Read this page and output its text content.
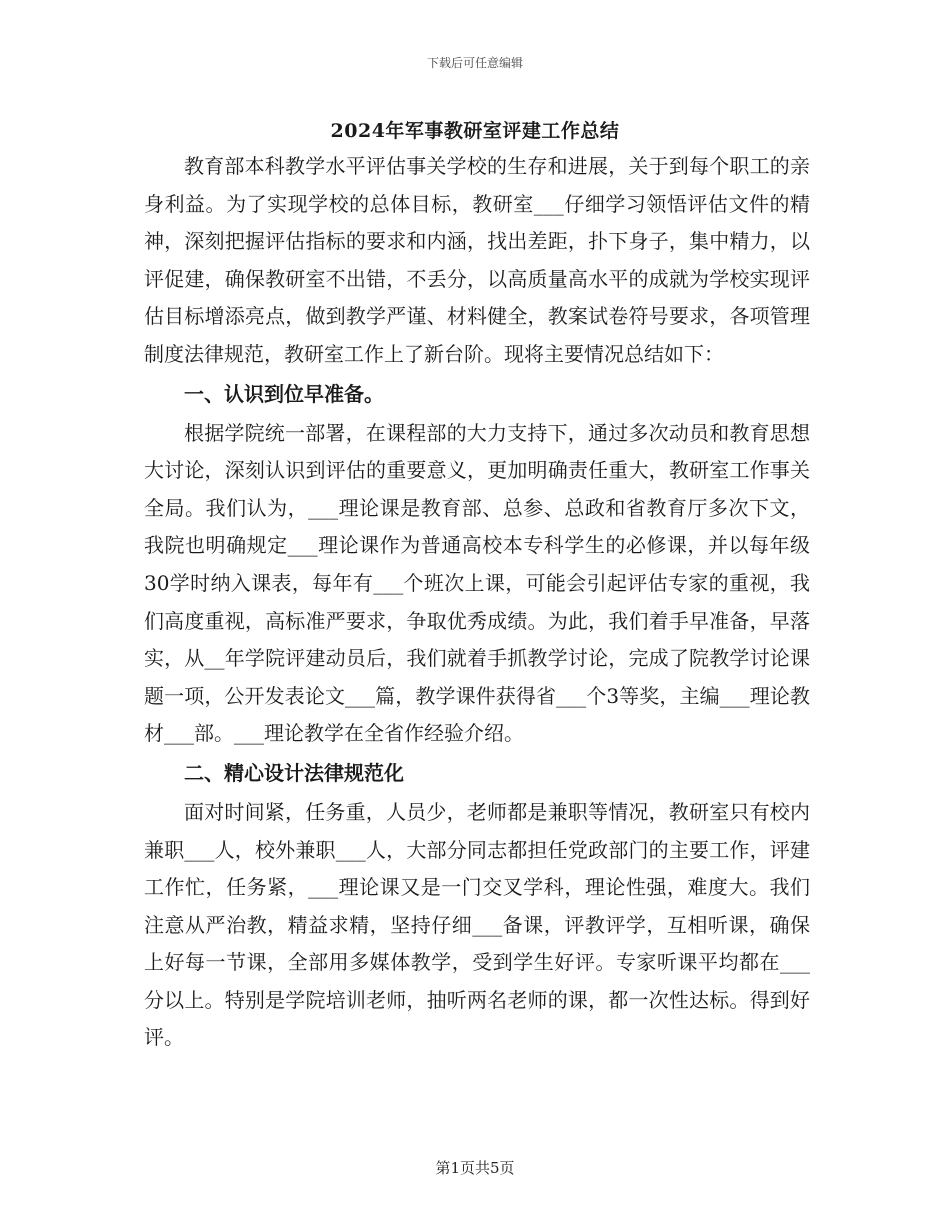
下载后可任意编辑
2024年军事教研室评建工作总结

教育部本科教学水平评估事关学校的生存和进展，关于到每个职工的亲身利益。为了实现学校的总体目标，教研室___仔细学习领悟评估文件的精神，深刻把握评估指标的要求和内涵，找出差距，扑下身子，集中精力，以评促建，确保教研室不出错，不丢分，以高质量高水平的成就为学校实现评估目标增添亮点，做到教学严谨、材料健全，教案试卷符号要求，各项管理制度法律规范，教研室工作上了新台阶。现将主要情况总结如下：

一、认识到位早准备。

根据学院统一部署，在课程部的大力支持下，通过多次动员和教育思想大讨论，深刻认识到评估的重要意义，更加明确责任重大，教研室工作事关全局。我们认为，___理论课是教育部、总参、总政和省教育厅多次下文，我院也明确规定___理论课作为普通高校本专科学生的必修课，并以每年级30学时纳入课表，每年有___个班次上课，可能会引起评估专家的重视，我们高度重视，高标准严要求，争取优秀成绩。为此，我们着手早准备，早落实，从__年学院评建动员后，我们就着手抓教学讨论，完成了院教学讨论课题一项，公开发表论文___篇，教学课件获得省___个3等奖，主编___理论教材___部。___理论教学在全省作经验介绍。

二、精心设计法律规范化

面对时间紧，任务重，人员少，老师都是兼职等情况，教研室只有校内兼职___人，校外兼职___人，大部分同志都担任党政部门的主要工作，评建工作忙，任务紧，___理论课又是一门交叉学科，理论性强，难度大。我们注意从严治教，精益求精，坚持仔细___备课，评教评学，互相听课，确保上好每一节课，全部用多媒体教学，受到学生好评。专家听课平均都在___分以上。特别是学院培训老师，抽听两名老师的课，都一次性达标。得到好评。

第1页共5页
